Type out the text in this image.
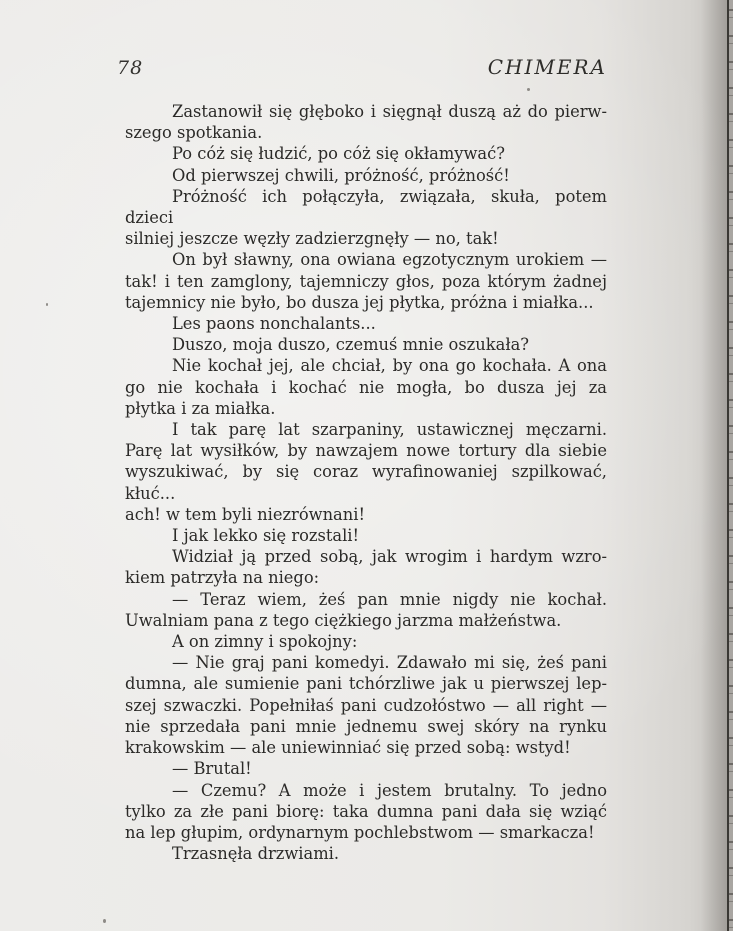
78	CHIMERA
Zastanowił się głęboko i sięgnął duszą aż do pierw-
szego spotkania.
Po cóż się łudzić, po cóż się okłamywać?
Od pierwszej chwili, próżność, próżność!
Próżność ich połączyła, związała, skuła, potem dzieci
silniej jeszcze węzły zadzierzgnęły — no, tak!
On był sławny, ona owiana egzotycznym urokiem —
tak! i ten zamglony, tajemniczy głos, poza którym żadnej
tajemnicy nie było, bo dusza jej płytka, próżna i miałka...
Les paons nonchalants...
Duszo, moja duszo, czemuś mnie oszukała?
Nie kochał jej, ale chciał, by ona go kochała. A ona
go nie kochała i kochać nie mogła, bo dusza jej za
płytka i za miałka.
I tak parę lat szarpaniny, ustawicznej męczarni.
Parę lat wysiłków, by nawzajem nowe tortury dla siebie
wyszukiwać, by się coraz wyrafinowaniej szpilkować, kłuć...
ach! w tem byli niezrównani!
I jak lekko się rozstali!
Widział ją przed sobą, jak wrogim i hardym wzro-
kiem patrzyła na niego:
— Teraz wiem, żeś pan mnie nigdy nie kochał.
Uwalniam pana z tego ciężkiego jarzma małżeństwa.
A on zimny i spokojny:
— Nie graj pani komedyi. Zdawało mi się, żeś pani
dumna, ale sumienie pani tchórzliwe jak u pierwszej lep-
szej szwaczki. Popełniłaś pani cudzołóstwo — all right —
nie sprzedała pani mnie jednemu swej skóry na rynku
krakowskim — ale uniewinniać się przed sobą: wstyd!
— Brutal!
— Czemu? A może i jestem brutalny. To jedno
tylko za złe pani biorę: taka dumna pani dała się wziąć
na lep głupim, ordynarnym pochlebstwom — smarkacza!
Trzasnęła drzwiami.
